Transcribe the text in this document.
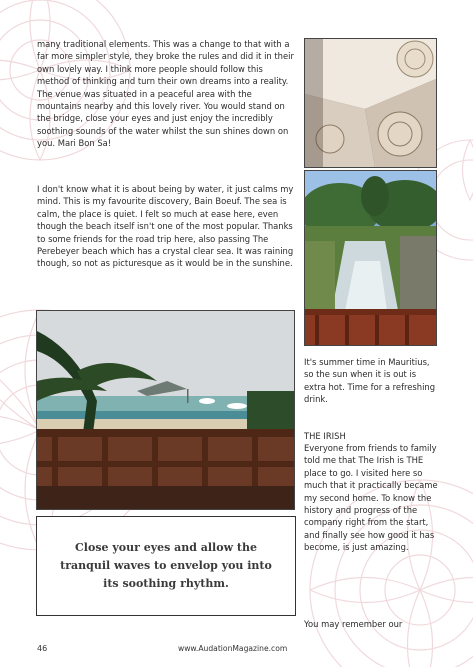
many traditional elements. This was a change to that with a far more simpler style, they broke the rules and did it in their own lovely way. I think more people should follow this method of thinking and turn their own dreams into a reality. The venue was situated in a peaceful area with the mountains nearby and this lovely river. You would stand on the bridge, close your eyes and just enjoy the incredibly soothing sounds of the water whilst the sun shines down on you. Mari Bon Sa!

I don't know what it is about being by water, it just calms my mind. This is my favourite discovery, Bain Boeuf. The sea is calm, the place is quiet. I felt so much at ease here, even though the beach itself isn't one of the most popular. Thanks to some friends for the road trip here, also passing The Perebeyer beach which has a crystal clear sea. It was raining though, so not as picturesque as it would be in the sunshine.

It's summer time in Mauritius, so the sun when it is out is extra hot. Time for a refreshing drink.

THE IRISH

Everyone from friends to family told me that The Irish is THE place to go. I visited here so much that it practically became my second home. To know the history and progress of the company right from the start, and finally see how good it has become, is just amazing.

You may remember our

Close your eyes and allow the tranquil waves to envelop you into its soothing rhythm.
46	www.AudationMagazine.com
